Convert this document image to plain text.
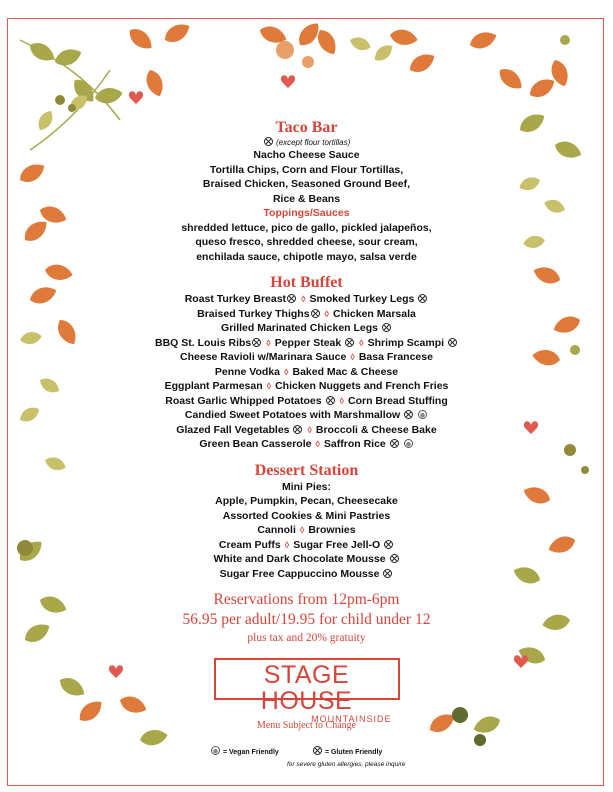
Taco Bar
(except flour tortillas)
Nacho Cheese Sauce
Tortilla Chips, Corn and Flour Tortillas,
Braised Chicken, Seasoned Ground Beef,
Rice & Beans
Toppings/Sauces
shredded lettuce, pico de gallo, pickled jalapeños,
queso fresco, shredded cheese, sour cream,
enchilada sauce, chipotle mayo, salsa verde
Hot Buffet
Roast Turkey Breast ◊ Smoked Turkey Legs
Braised Turkey Thighs ◊ Chicken Marsala
Grilled Marinated Chicken Legs
BBQ St. Louis Ribs ◊ Pepper Steak ◊ Shrimp Scampi
Cheese Ravioli w/Marinara Sauce ◊ Basa Francese
Penne Vodka ◊ Baked Mac & Cheese
Eggplant Parmesan ◊ Chicken Nuggets and French Fries
Roast Garlic Whipped Potatoes ◊ Corn Bread Stuffing
Candied Sweet Potatoes with Marshmallow
Glazed Fall Vegetables ◊ Broccoli & Cheese Bake
Green Bean Casserole ◊ Saffron Rice
Dessert Station
Mini Pies:
Apple, Pumpkin, Pecan, Cheesecake
Assorted Cookies & Mini Pastries
Cannoli ◊ Brownies
Cream Puffs ◊ Sugar Free Jell-O
White and Dark Chocolate Mousse
Sugar Free Cappuccino Mousse
Reservations from 12pm-6pm
56.95 per adult/19.95 for child under 12
plus tax and 20% gratuity
STAGE HOUSE
MOUNTAINSIDE
Menu Subject to Change
= Vegan Friendly	= Gluten Friendly
for severe gluten allergies, please inquire
